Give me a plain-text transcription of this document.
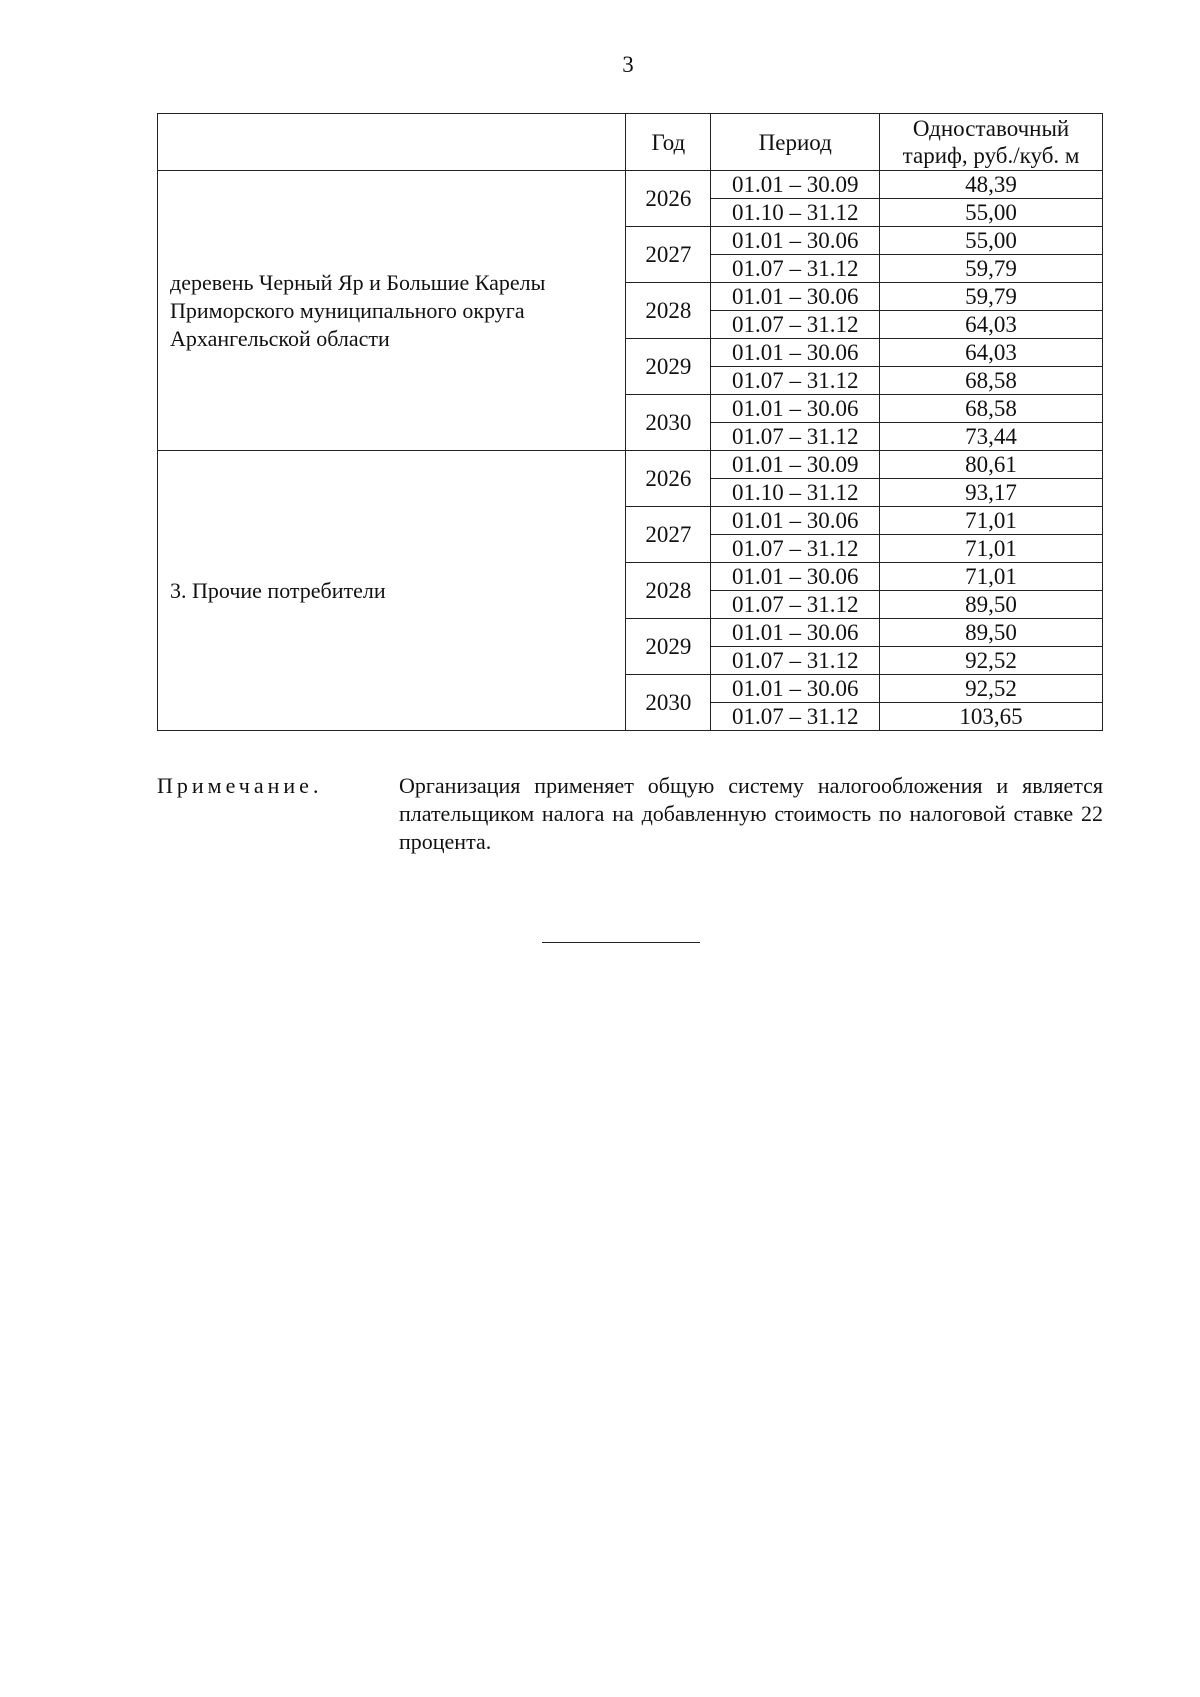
3
	Год	Период	Одноставочный тариф, руб./куб. м
деревень Черный Яр и Большие Карелы Приморского муниципального округа Архангельской области	2026	01.01 – 30.09	48,39
		01.10 – 31.12	55,00
	2027	01.01 – 30.06	55,00
		01.07 – 31.12	59,79
	2028	01.01 – 30.06	59,79
		01.07 – 31.12	64,03
	2029	01.01 – 30.06	64,03
		01.07 – 31.12	68,58
	2030	01.01 – 30.06	68,58
		01.07 – 31.12	73,44
3. Прочие потребители	2026	01.01 – 30.09	80,61
		01.10 – 31.12	93,17
	2027	01.01 – 30.06	71,01
		01.07 – 31.12	71,01
	2028	01.01 – 30.06	71,01
		01.07 – 31.12	89,50
	2029	01.01 – 30.06	89,50
		01.07 – 31.12	92,52
	2030	01.01 – 30.06	92,52
		01.07 – 31.12	103,65
Примечание.	Организация применяет общую систему налогообложения и является плательщиком налога на добавленную стоимость по налоговой ставке 22 процента.
